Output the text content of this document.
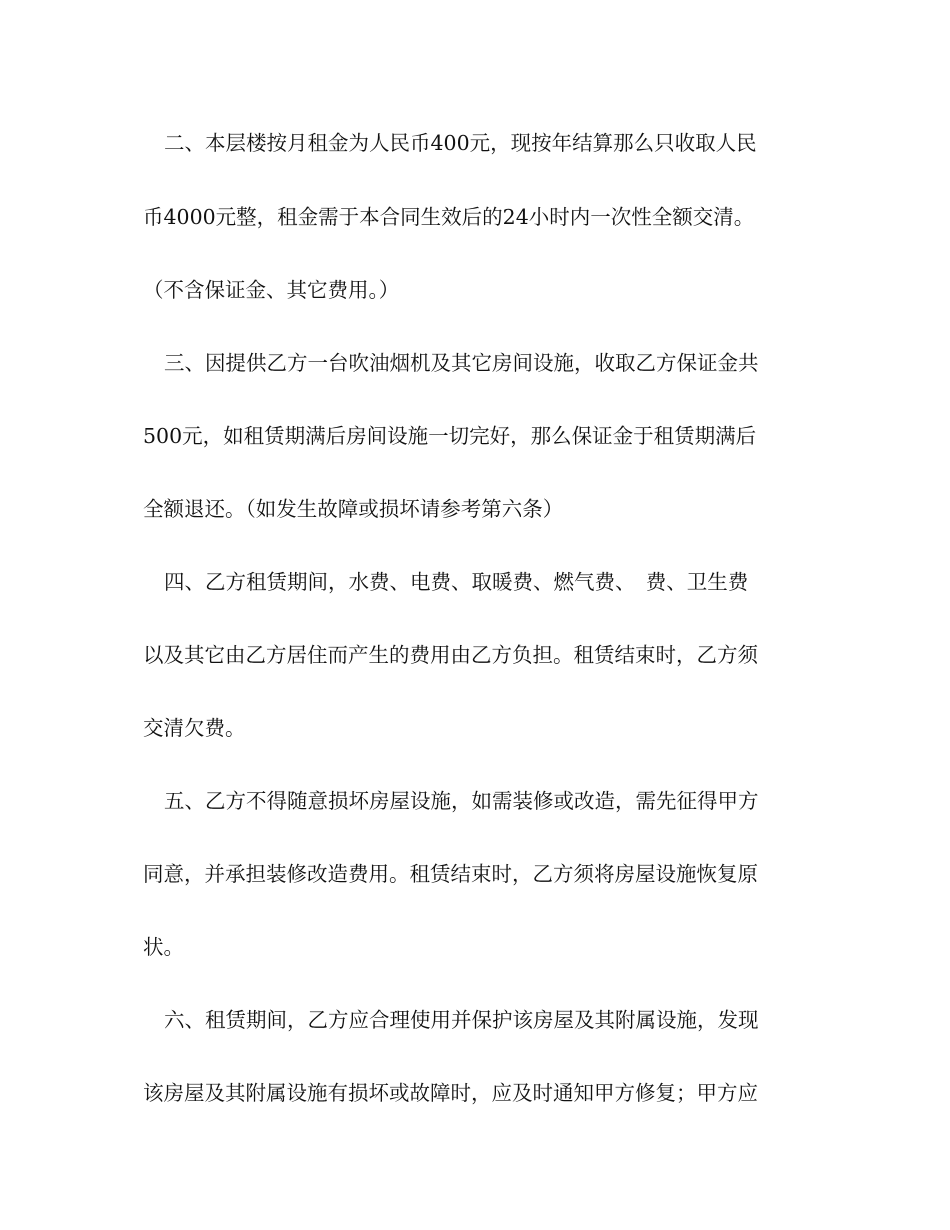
二、本层楼按月租金为人民币400元，现按年结算那么只收取人民
币4000元整，租金需于本合同生效后的24小时内一次性全额交清。
（不含保证金、其它费用。）
三、因提供乙方一台吹油烟机及其它房间设施，收取乙方保证金共
500元，如租赁期满后房间设施一切完好，那么保证金于租赁期满后
全额退还。（如发生故障或损坏请参考第六条）
四、乙方租赁期间，水费、电费、取暖费、燃气费、　费、卫生费
以及其它由乙方居住而产生的费用由乙方负担。租赁结束时，乙方须
交清欠费。
五、乙方不得随意损坏房屋设施，如需装修或改造，需先征得甲方
同意，并承担装修改造费用。租赁结束时，乙方须将房屋设施恢复原
状。
六、租赁期间，乙方应合理使用并保护该房屋及其附属设施，发现
该房屋及其附属设施有损坏或故障时，应及时通知甲方修复；甲方应
